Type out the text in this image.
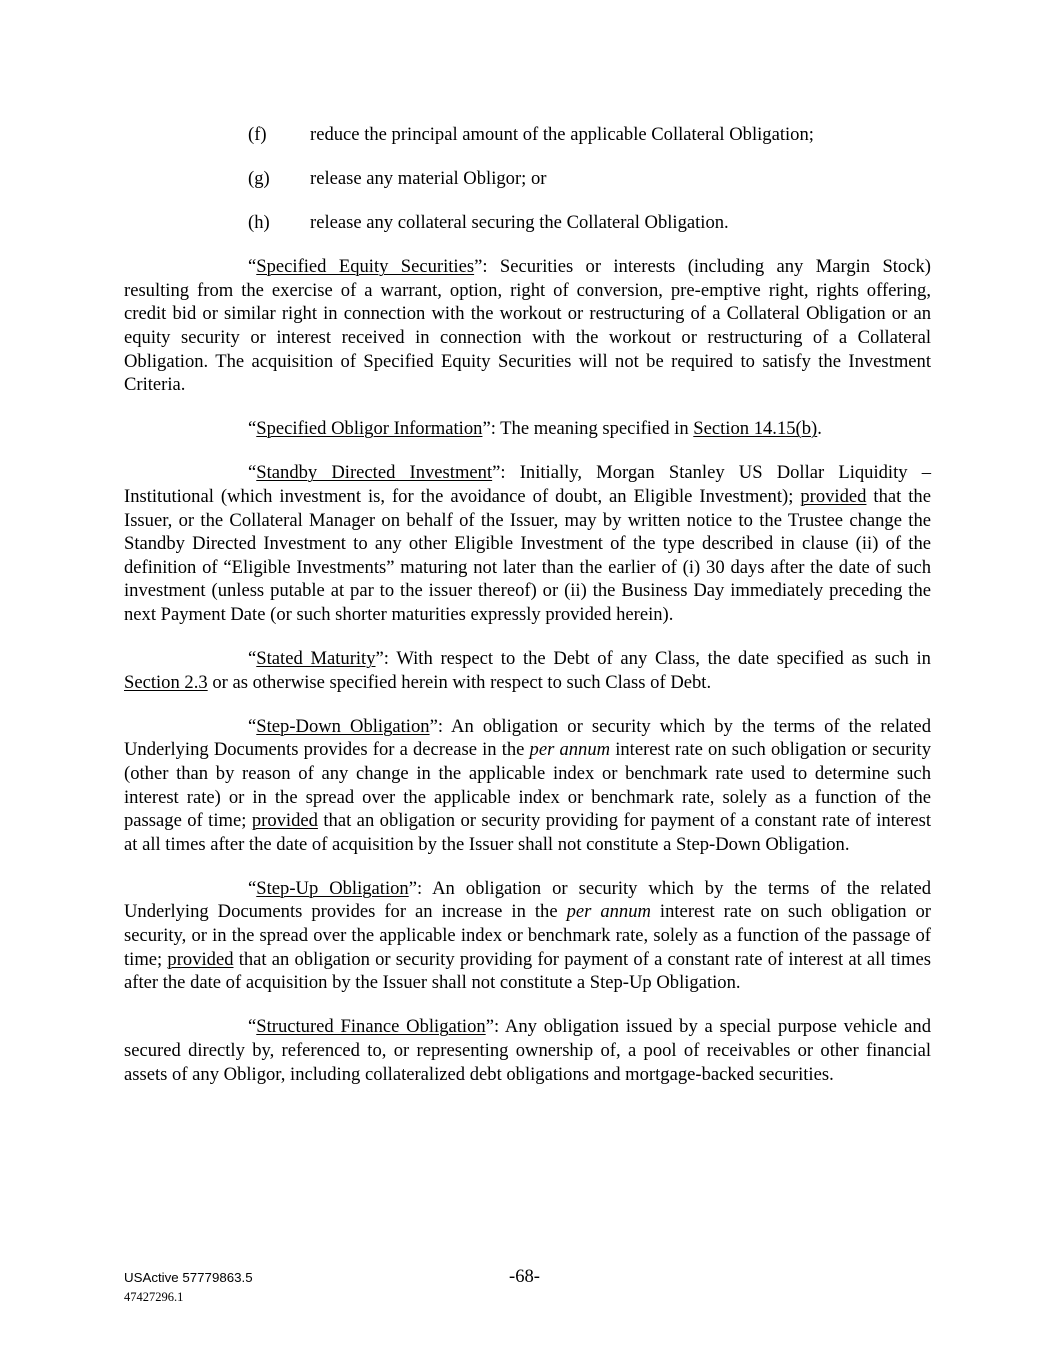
(f)	reduce the principal amount of the applicable Collateral Obligation;
(g)	release any material Obligor; or
(h)	release any collateral securing the Collateral Obligation.

“Specified Equity Securities”: Securities or interests (including any Margin Stock) resulting from the exercise of a warrant, option, right of conversion, pre-emptive right, rights offering, credit bid or similar right in connection with the workout or restructuring of a Collateral Obligation or an equity security or interest received in connection with the workout or restructuring of a Collateral Obligation. The acquisition of Specified Equity Securities will not be required to satisfy the Investment Criteria.

“Specified Obligor Information”: The meaning specified in Section 14.15(b).

“Standby Directed Investment”: Initially, Morgan Stanley US Dollar Liquidity – Institutional (which investment is, for the avoidance of doubt, an Eligible Investment); provided that the Issuer, or the Collateral Manager on behalf of the Issuer, may by written notice to the Trustee change the Standby Directed Investment to any other Eligible Investment of the type described in clause (ii) of the definition of “Eligible Investments” maturing not later than the earlier of (i) 30 days after the date of such investment (unless putable at par to the issuer thereof) or (ii) the Business Day immediately preceding the next Payment Date (or such shorter maturities expressly provided herein).

“Stated Maturity”: With respect to the Debt of any Class, the date specified as such in Section 2.3 or as otherwise specified herein with respect to such Class of Debt.

“Step-Down Obligation”: An obligation or security which by the terms of the related Underlying Documents provides for a decrease in the per annum interest rate on such obligation or security (other than by reason of any change in the applicable index or benchmark rate used to determine such interest rate) or in the spread over the applicable index or benchmark rate, solely as a function of the passage of time; provided that an obligation or security providing for payment of a constant rate of interest at all times after the date of acquisition by the Issuer shall not constitute a Step-Down Obligation.

“Step-Up Obligation”: An obligation or security which by the terms of the related Underlying Documents provides for an increase in the per annum interest rate on such obligation or security, or in the spread over the applicable index or benchmark rate, solely as a function of the passage of time; provided that an obligation or security providing for payment of a constant rate of interest at all times after the date of acquisition by the Issuer shall not constitute a Step-Up Obligation.

“Structured Finance Obligation”: Any obligation issued by a special purpose vehicle and secured directly by, referenced to, or representing ownership of, a pool of receivables or other financial assets of any Obligor, including collateralized debt obligations and mortgage-backed securities.

USActive 57779863.5
47427296.1
-68-
